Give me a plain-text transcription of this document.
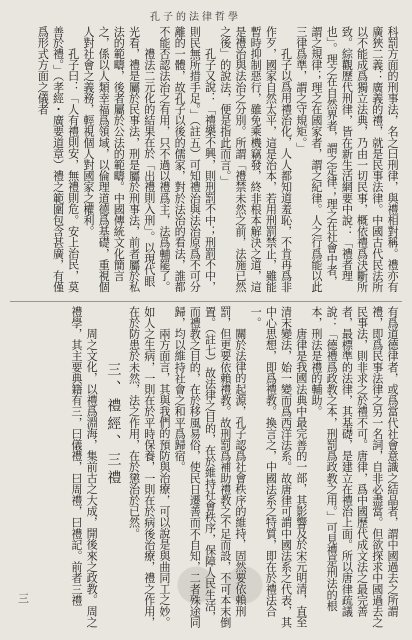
孔子的法律哲學

科罰方面的刑事法，名之曰刑律，與禮相對稱。禮亦有廣狹二義：廣義的禮，就是民事法律。中國古代民法所以不能成爲獨立法典，乃由一切民事，概依禮爲決斷所致。綜觀歷代刑律，皆在新生活網要中說：「禮者理也」。理之在自然界者，謂之定律；理之在社會中者，謂之規律；理之在國家者，謂之紀律。人之行爲能以此三律爲準，謂之守規矩。」

孔子以爲用禮治化，人人都知道羞恥，不肯再爲非作歹，國家自然太平，這是治本，若用刑罰禁止，雖能暫時抑制惡行，雖免乘機竊發，終非根本解決之道，這是禮治與法治之分別。所謂「禮禁未然之前，法施已然之後」的說法，便是指此而言。」

孔子又說：「禮樂不興，則刑罰不中；刑罰不中，則民無所措手足。」（註五）可知禮治與法治原爲不可分離的一體，故孔子以後的儒家，對於法治的看法，誰都不能否認法治之有用，只不過以禮爲主，法爲輔罷了。

禮法二元化的結果在於「出禮則入刑」。以現代眼光看，禮是屬於民事法，刑是屬於刑事法，前者屬於私法的範疇，後者屬於公法的範疇。中國傳統文化簡言之，係以人類幸福爲領域，以倫理道德爲基礎，重視個人對社會之義務，輕視個人對國家之權利。

孔子曰：「人有禮則安，無禮則危。安上治民，莫善於禮。」（孝經・廣要道章）禮之範圍包含甚廣，有僅爲形式方面之儀者

有爲道德律者，或爲當代社會意識之結晶者，謂中國過去之所謂禮，即爲民事法律之另一名詞，自非必盡當。但欲探求中國過去之民事法，則非求之於禮不可。唐律，爲中國歷代成文法之最完善者，最標準的法律，其基礎，是建立在禮治上面。所以唐律疏議說：「德禮爲政教之本，刑罰爲政教之用。」可見禮是刑法的根本，刑法是禮的輔助。

唐律是我國法典中最完善的一部，其影響及於宋元明清，直至清末變法，始一變而爲西洋法系。故唐律可謂中國法系之代表，其中心思想，即爲禮教。換言之，中國法系之特質，即在於禮法合一。

關於法律的起源，孔子認爲社會秩序的維持，固然要依賴刑罰，但更要依賴禮教。故刑罰爲補助禮教之不足而設，不可本末倒置。（註七）故法律之目的，在於維持社會秩序，保障人民生活，而禮教之目的，在於移風易俗，使民日遷善而不自知，二者殊途同歸，均以維持社會之和平爲歸宿。

兩方面言，其與我們的預防與治療，可以說是與曲同工之妙。如人之生病，一則在於平時保養，一則在於病後治療，禮之作用，在於防患於未然，法之作用，在於懲治於已然。

三、禮經、三禮

周之文化，以禮爲淵海，集前古之大成，開後來之政教。周之禮學，其主要典籍有三，曰儀禮，曰周禮，曰禮記。前者三禮

三
